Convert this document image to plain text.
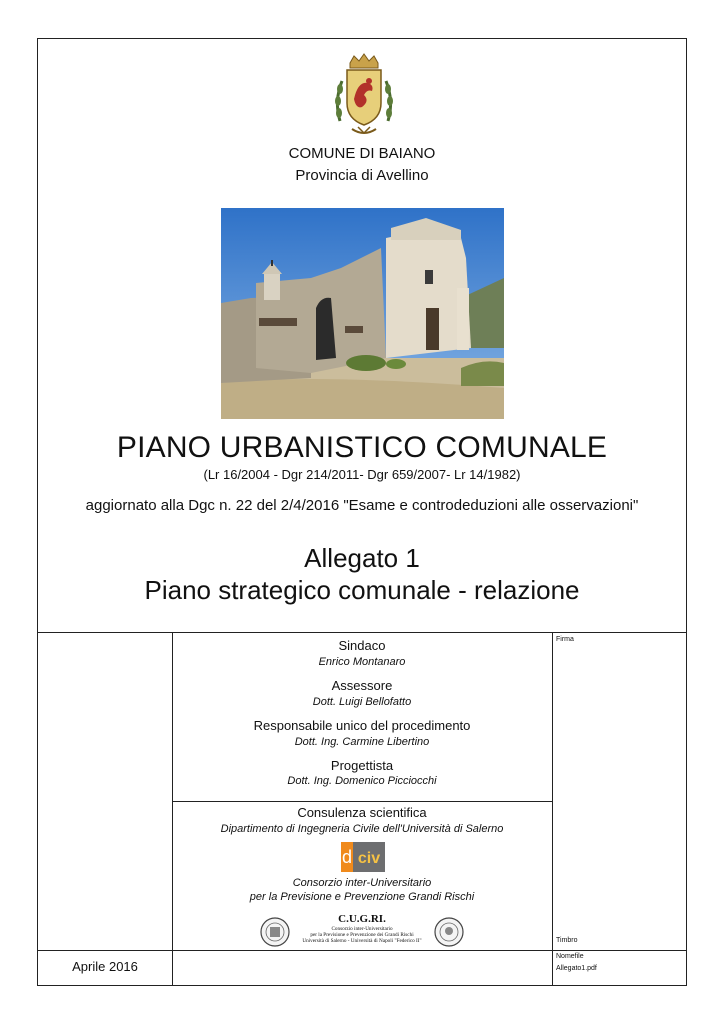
COMUNE DI BAIANO
Provincia di Avellino
PIANO URBANISTICO COMUNALE
(Lr 16/2004 - Dgr 214/2011- Dgr 659/2007- Lr 14/1982)
aggiornato alla Dgc n. 22 del 2/4/2016 "Esame e controdeduzioni alle osservazioni"
Allegato 1
Piano strategico comunale - relazione
Sindaco
Enrico Montanaro
Assessore
Dott. Luigi Bellofatto
Responsabile unico del procedimento
Dott. Ing. Carmine Libertino
Progettista
Dott. Ing. Domenico Picciocchi
Consulenza scientifica
Dipartimento di Ingegneria Civile dell'Università di Salerno
d civ
Consorzio inter-Universitario
per la Previsione e Prevenzione Grandi Rischi
C.U.G.RI.
Consorzio inter-Universitario
per la Previsione e Prevenzione dei Grandi Rischi
Università di Salerno - Università di Napoli "Federico II"
Firma
Timbro
Nomefile
Allegato1.pdf
Aprile 2016
